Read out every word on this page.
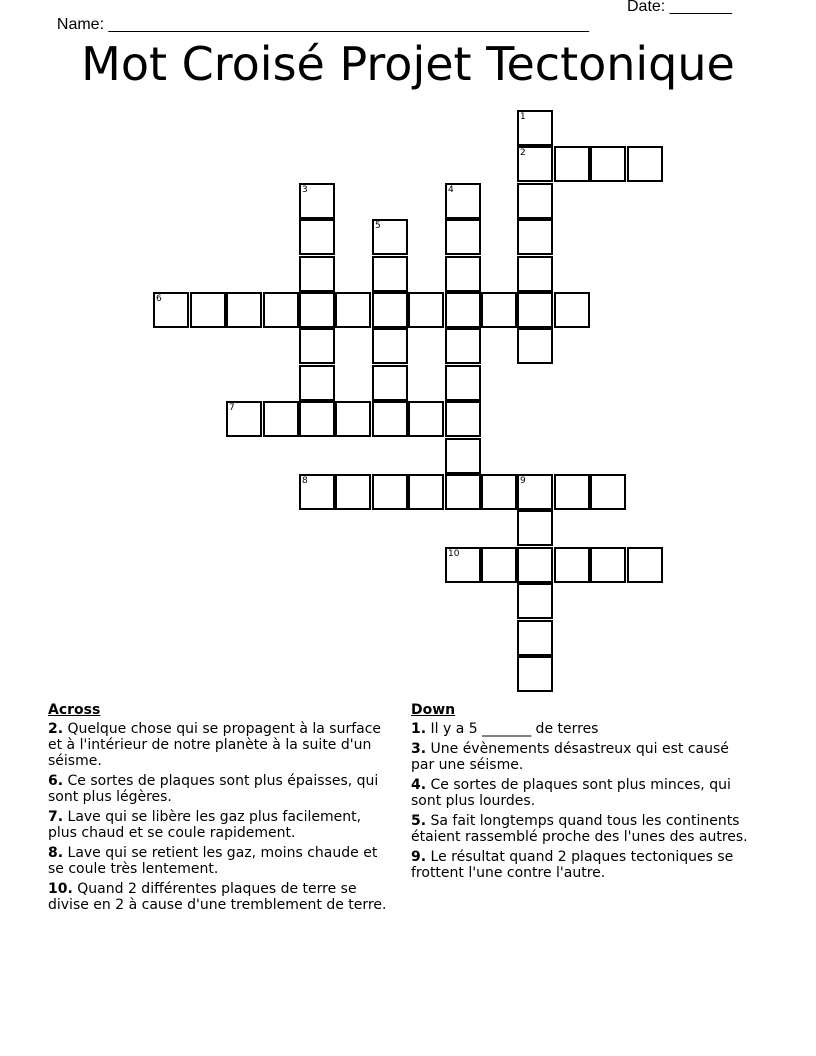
Name: ______________________________________________________

Date: _______

Mot Croisé Projet Tectonique
1
2
3	4
5
6
7
8	9
10
Across
2. Quelque chose qui se propagent à la surface et à l'intérieur de notre planète à la suite d'un séisme.
6. Ce sortes de plaques sont plus épaisses, qui sont plus légères.
7. Lave qui se libère les gaz plus facilement, plus chaud et se coule rapidement.
8. Lave qui se retient les gaz, moins chaude et se coule très lentement.
10. Quand 2 différentes plaques de terre se divise en 2 à cause d'une tremblement de terre.
Down
1. Il y a 5 _______ de terres
3. Une évènements désastreux qui est causé par une séisme.
4. Ce sortes de plaques sont plus minces, qui sont plus lourdes.
5. Sa fait longtemps quand tous les continents étaient rassemblé proche des l'unes des autres.
9. Le résultat quand 2 plaques tectoniques se frottent l'une contre l'autre.
